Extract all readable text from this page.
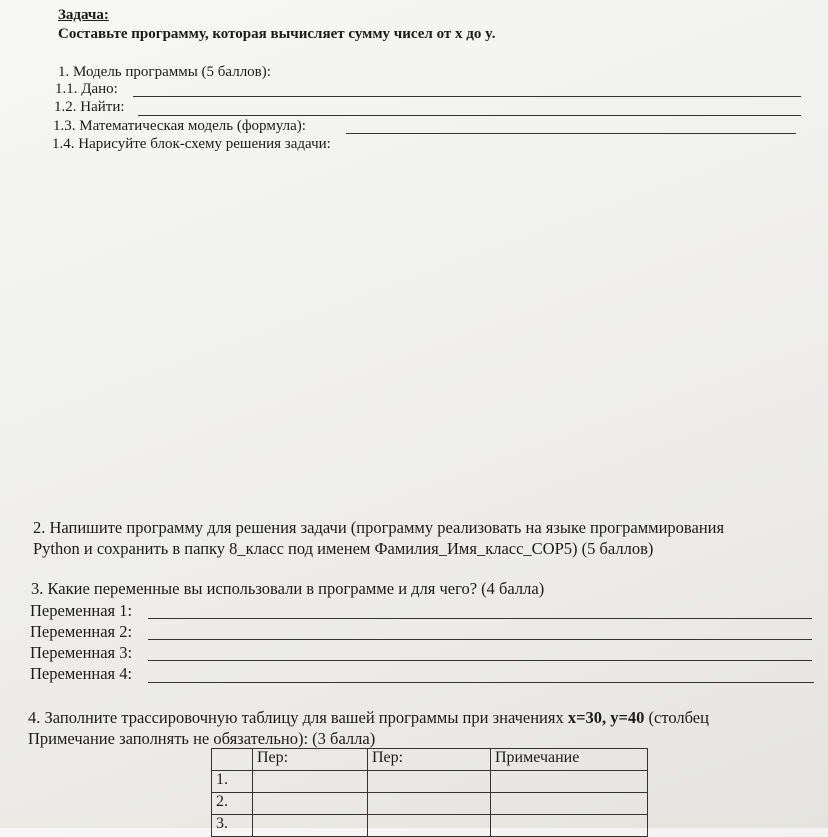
Задача:
Составьте программу, которая вычисляет сумму чисел от x до y.
1. Модель программы (5 баллов):
1.1. Дано:
1.2. Найти:
1.3. Математическая модель (формула):
1.4. Нарисуйте блок-схему решения задачи:
2. Напишите программу для решения задачи (программу реализовать на языке программирования
Python и сохранить в папку 8_класс под именем Фамилия_Имя_класс_СОР5) (5 баллов)
3. Какие переменные вы использовали в программе и для чего? (4 балла)
Переменная 1:
Переменная 2:
Переменная 3:
Переменная 4:
4. Заполните трассировочную таблицу для вашей программы при значениях x=30, y=40 (столбец
Примечание заполнять не обязательно): (3 балла)
	Пер:	Пер:	Примечание
1.			
2.			
3.			
